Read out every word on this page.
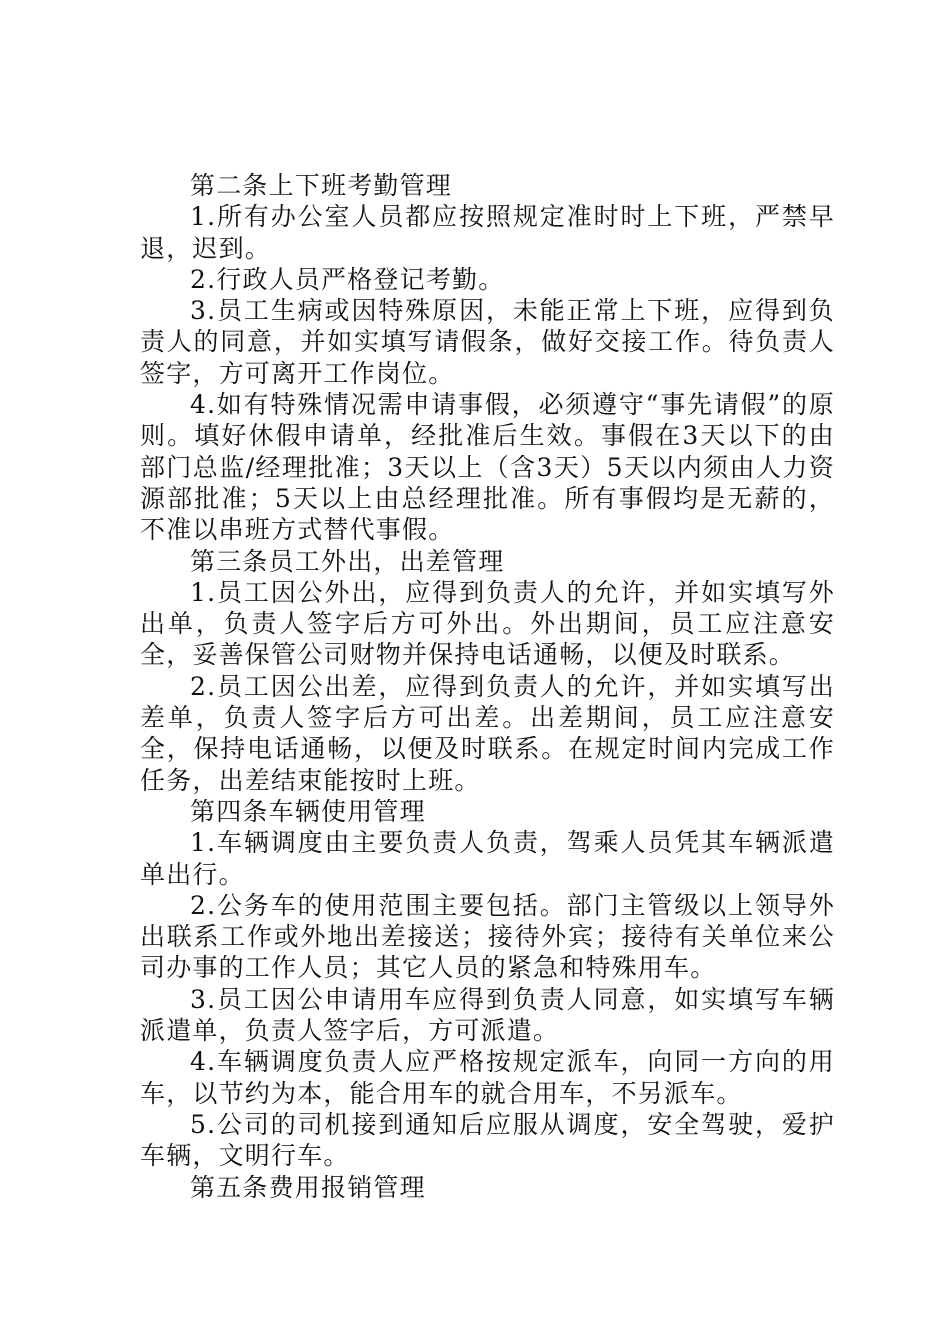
第二条上下班考勤管理

1.所有办公室人员都应按照规定准时时上下班，严禁早退，迟到。

2.行政人员严格登记考勤。

3.员工生病或因特殊原因，未能正常上下班，应得到负责人的同意，并如实填写请假条，做好交接工作。待负责人签字，方可离开工作岗位。

4.如有特殊情况需申请事假，必须遵守“事先请假”的原则。填好休假申请单，经批准后生效。事假在3天以下的由部门总监/经理批准；3天以上（含3天）5天以内须由人力资源部批准；5天以上由总经理批准。所有事假均是无薪的，不准以串班方式替代事假。

第三条员工外出，出差管理

1.员工因公外出，应得到负责人的允许，并如实填写外出单，负责人签字后方可外出。外出期间，员工应注意安全，妥善保管公司财物并保持电话通畅，以便及时联系。

2.员工因公出差，应得到负责人的允许，并如实填写出差单，负责人签字后方可出差。出差期间，员工应注意安全，保持电话通畅，以便及时联系。在规定时间内完成工作任务，出差结束能按时上班。

第四条车辆使用管理

1.车辆调度由主要负责人负责，驾乘人员凭其车辆派遣单出行。

2.公务车的使用范围主要包括。部门主管级以上领导外出联系工作或外地出差接送；接待外宾；接待有关单位来公司办事的工作人员；其它人员的紧急和特殊用车。

3.员工因公申请用车应得到负责人同意，如实填写车辆派遣单，负责人签字后，方可派遣。

4.车辆调度负责人应严格按规定派车，向同一方向的用车，以节约为本，能合用车的就合用车，不另派车。

5.公司的司机接到通知后应服从调度，安全驾驶，爱护车辆，文明行车。

第五条费用报销管理
